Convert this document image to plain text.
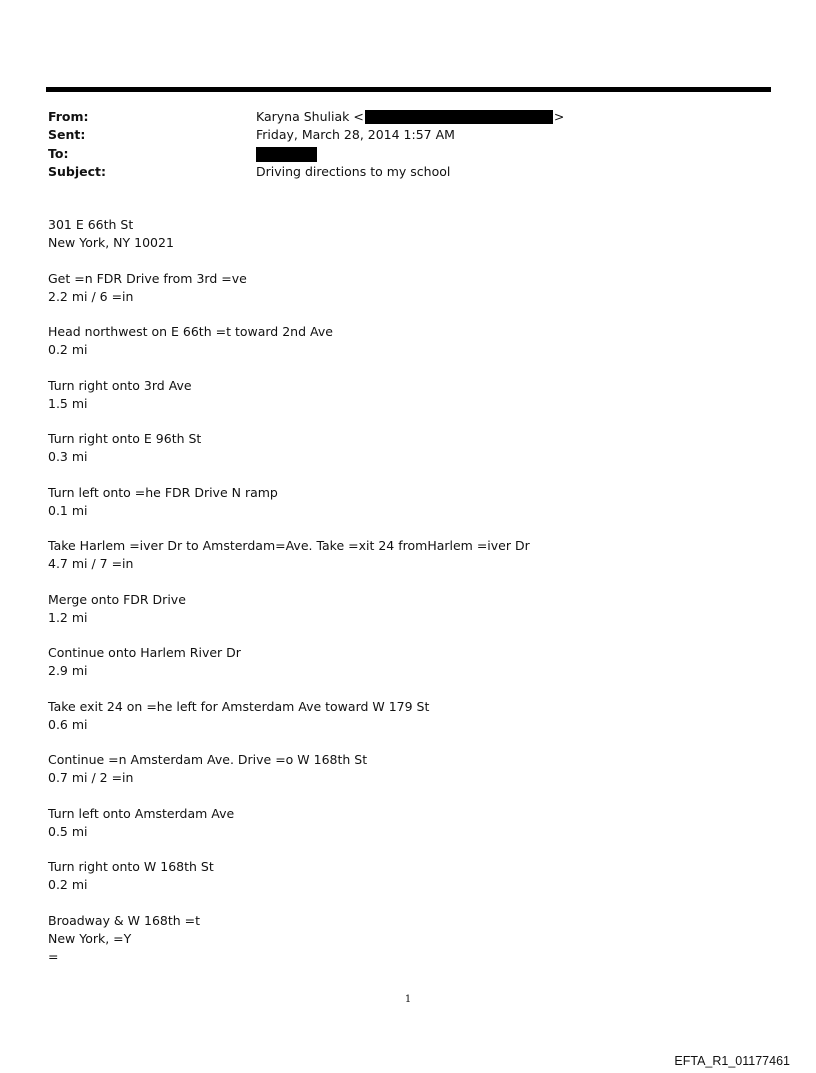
From:	Karyna Shuliak <	>
Sent:	Friday, March 28, 2014 1:57 AM
To:
Subject:	Driving directions to my school
301 E 66th St
New York, NY 10021
Get =n FDR Drive from 3rd =ve
2.2 mi / 6 =in
Head northwest on E 66th =t toward 2nd Ave
0.2 mi
Turn right onto 3rd Ave
1.5 mi
Turn right onto E 96th St
0.3 mi
Turn left onto =he FDR Drive N ramp
0.1 mi
Take Harlem =iver Dr to Amsterdam=Ave. Take =xit 24 fromHarlem =iver Dr
4.7 mi / 7 =in
Merge onto FDR Drive
1.2 mi
Continue onto Harlem River Dr
2.9 mi
Take exit 24 on =he left for Amsterdam Ave toward W 179 St
0.6 mi
Continue =n Amsterdam Ave. Drive =o W 168th St
0.7 mi / 2 =in
Turn left onto Amsterdam Ave
0.5 mi
Turn right onto W 168th St
0.2 mi
Broadway & W 168th =t
New York, =Y
=
1
EFTA_R1_01177461
